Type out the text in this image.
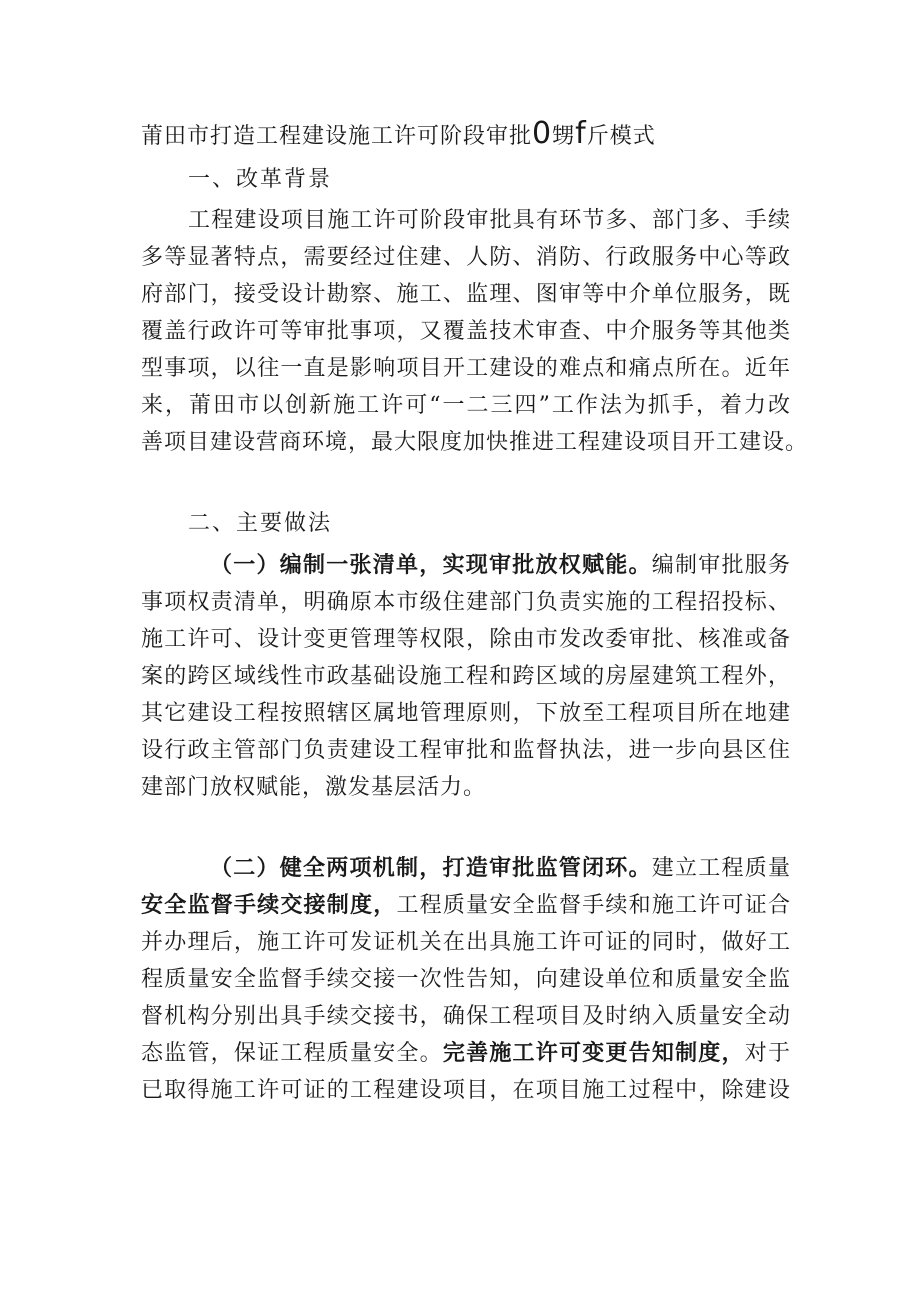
莆田市打造工程建设施工许可阶段审批0甥f斤模式
一、改革背景
工程建设项目施工许可阶段审批具有环节多、部门多、手续
多等显著特点，需要经过住建、人防、消防、行政服务中心等政
府部门，接受设计勘察、施工、监理、图审等中介单位服务，既
覆盖行政许可等审批事项，又覆盖技术审查、中介服务等其他类
型事项，以往一直是影响项目开工建设的难点和痛点所在。近年
来，莆田市以创新施工许可“一二三四”工作法为抓手，着力改
善项目建设营商环境，最大限度加快推进工程建设项目开工建设。
二、主要做法
（一）编制一张清单，实现审批放权赋能。编制审批服务
事项权责清单，明确原本市级住建部门负责实施的工程招投标、
施工许可、设计变更管理等权限，除由市发改委审批、核准或备
案的跨区域线性市政基础设施工程和跨区域的房屋建筑工程外，
其它建设工程按照辖区属地管理原则，下放至工程项目所在地建
设行政主管部门负责建设工程审批和监督执法，进一步向县区住
建部门放权赋能，激发基层活力。
（二）健全两项机制，打造审批监管闭环。建立工程质量
安全监督手续交接制度，工程质量安全监督手续和施工许可证合
并办理后，施工许可发证机关在出具施工许可证的同时，做好工
程质量安全监督手续交接一次性告知，向建设单位和质量安全监
督机构分别出具手续交接书，确保工程项目及时纳入质量安全动
态监管，保证工程质量安全。完善施工许可变更告知制度，对于
已取得施工许可证的工程建设项目，在项目施工过程中，除建设
